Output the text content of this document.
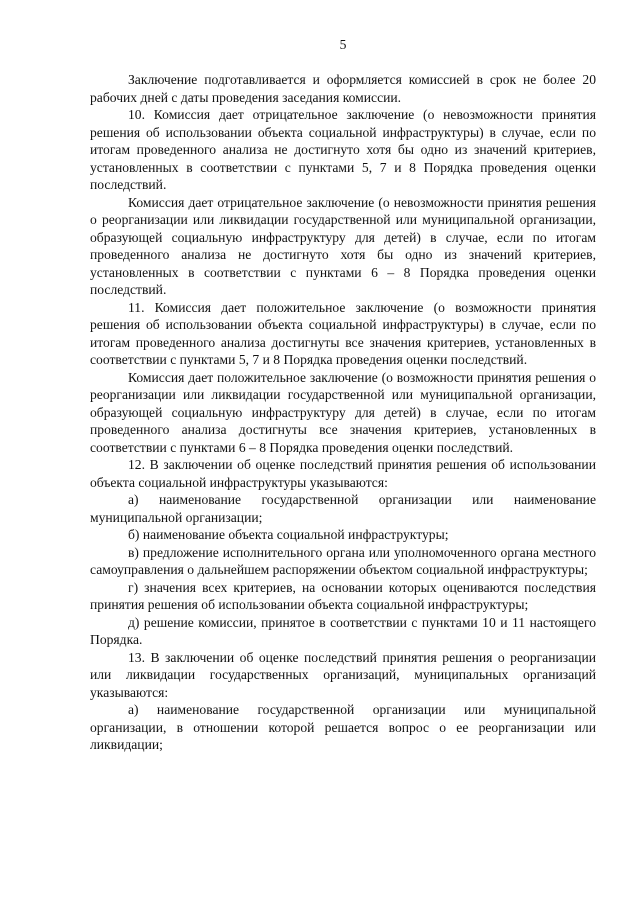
5

Заключение подготавливается и оформляется комиссией в срок не более 20 рабочих дней с даты проведения заседания комиссии.

10. Комиссия дает отрицательное заключение (о невозможности принятия решения об использовании объекта социальной инфраструктуры) в случае, если по итогам проведенного анализа не достигнуто хотя бы одно из значений критериев, установленных в соответствии с пунктами 5, 7 и 8 Порядка проведения оценки последствий.

Комиссия дает отрицательное заключение (о невозможности принятия решения о реорганизации или ликвидации государственной или муниципальной организации, образующей социальную инфраструктуру для детей) в случае, если по итогам проведенного анализа не достигнуто хотя бы одно из значений критериев, установленных в соответствии с пунктами 6 – 8 Порядка проведения оценки последствий.

11. Комиссия дает положительное заключение (о возможности принятия решения об использовании объекта социальной инфраструктуры) в случае, если по итогам проведенного анализа достигнуты все значения критериев, установленных в соответствии с пунктами 5, 7 и 8 Порядка проведения оценки последствий.

Комиссия дает положительное заключение (о возможности принятия решения о реорганизации или ликвидации государственной или муниципальной организации, образующей социальную инфраструктуру для детей) в случае, если по итогам проведенного анализа достигнуты все значения критериев, установленных в соответствии с пунктами 6 – 8 Порядка проведения оценки последствий.

12. В заключении об оценке последствий принятия решения об использовании объекта социальной инфраструктуры указываются:

а) наименование государственной организации или наименование муниципальной организации;

б) наименование объекта социальной инфраструктуры;

в) предложение исполнительного органа или уполномоченного органа местного самоуправления о дальнейшем распоряжении объектом социальной инфраструктуры;

г) значения всех критериев, на основании которых оцениваются последствия принятия решения об использовании объекта социальной инфраструктуры;

д) решение комиссии, принятое в соответствии с пунктами 10 и 11 настоящего Порядка.

13. В заключении об оценке последствий принятия решения о реорганизации или ликвидации государственных организаций, муниципальных организаций указываются:

а) наименование государственной организации или муниципальной организации, в отношении которой решается вопрос о ее реорганизации или ликвидации;
